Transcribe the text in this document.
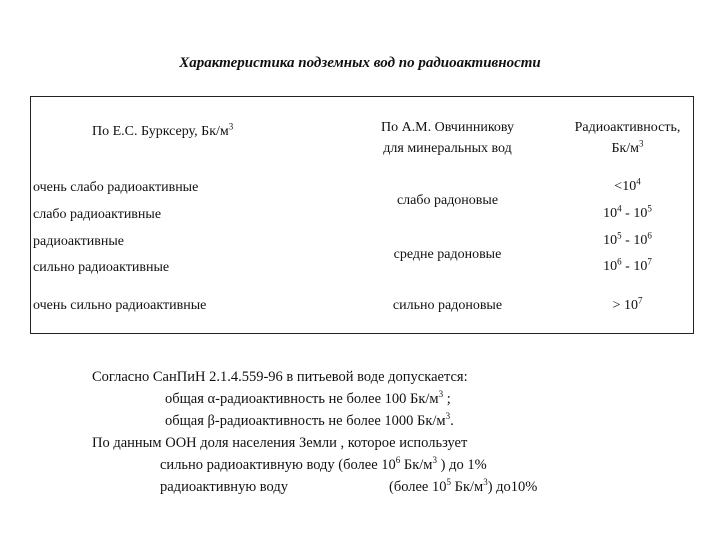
Характеристика подземных вод по радиоактивности
По Е.С. Бурксеру, $Бк/м^3$	По А.М. Овчинникову
для минеральных вод
Радиоактивность,
$Бк/м^3$
очень слабо радиоактивные
слабо радиоактивные
радиоактивные
сильно радиоактивные
очень сильно радиоактивные
слабо радоновые
средне радоновые
сильно радоновые
$<10^4$
$10^4 - 10^5$
$10^5 - 10^6$
$10^6 - 10^7$
> $10^7$
Согласно СанПиН 2.1.4.559-96 в питьевой воде допускается:
общая α-радиоактивность не более 100 $Бк/м^3$ ;
общая β-радиоактивность не более 1000 $Бк/м^3$.
По данным ООН доля населения Земли , которое использует
сильно радиоактивную воду (более $10^6$ $Бк/м^3$ ) до 1%
радиоактивную воду	(более $10^5$ $Бк/м^3$) до10%
